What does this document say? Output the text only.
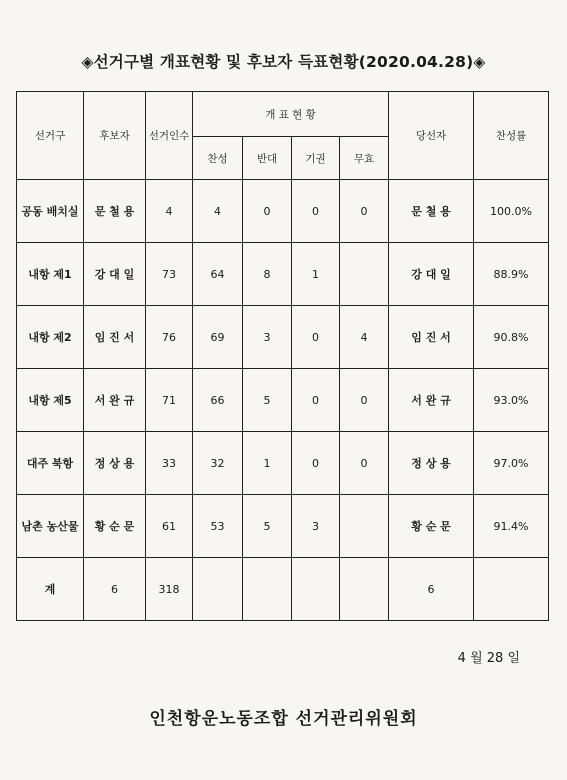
◈선거구별 개표현황 및 후보자 득표현황(2020.04.28)◈
선거구	후보자	선거인수	개 표 현 황				당선자	찬성률
			찬성	반대	기권	무효		
공동 배치실	문 철 용	4	4	0	0	0	문 철 용	100.0%
내항 제1	강 대 일	73	64	8	1		강 대 일	88.9%
내항 제2	임 진 서	76	69	3	0	4	임 진 서	90.8%
내항 제5	서 완 규	71	66	5	0	0	서 완 규	93.0%
대주 북항	정 상 용	33	32	1	0	0	정 상 용	97.0%
남촌 농산물	황 순 문	61	53	5	3		황 순 문	91.4%
계	6	318					6	
4 월 28 일
인천항운노동조합 선거관리위원회
